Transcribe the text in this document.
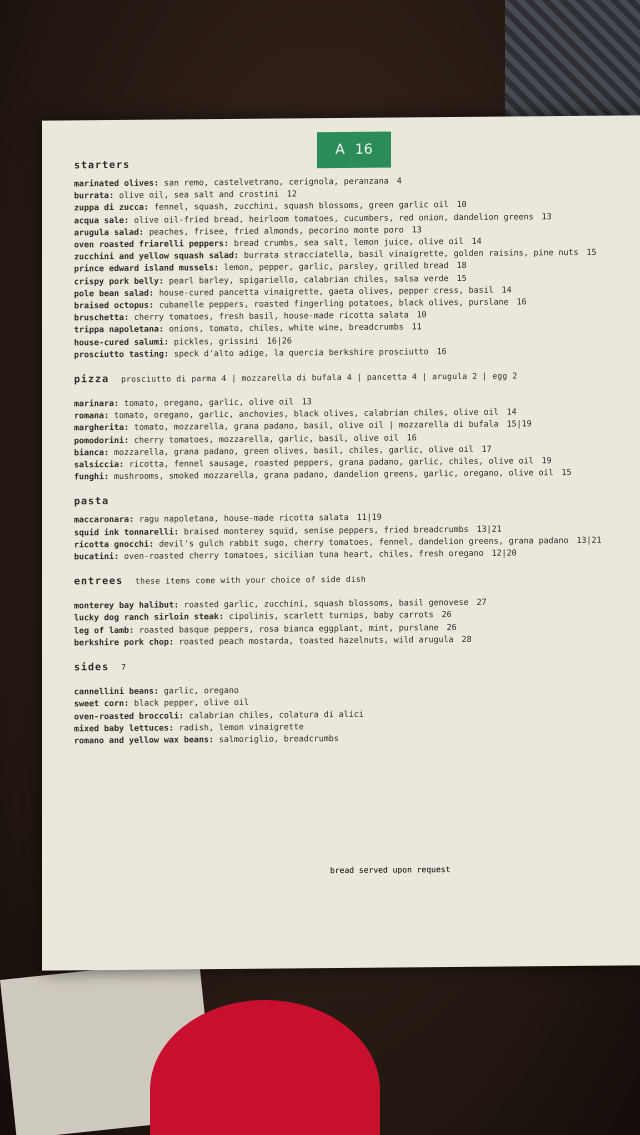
A 16
starters
marinated olives: san remo, castelvetrano, cerignola, peranzana 4
burrata: olive oil, sea salt and crostini 12
zuppa di zucca: fennel, squash, zucchini, squash blossoms, green garlic oil 10
acqua sale: olive oil-fried bread, heirloom tomatoes, cucumbers, red onion, dandelion greens 13
arugula salad: peaches, frisee, fried almonds, pecorino monte poro 13
oven roasted friarelli peppers: bread crumbs, sea salt, lemon juice, olive oil 14
zucchini and yellow squash salad: burrata stracciatella, basil vinaigrette, golden raisins, pine nuts 15
prince edward island mussels: lemon, pepper, garlic, parsley, grilled bread 18
crispy pork belly: pearl barley, spigariello, calabrian chiles, salsa verde 15
pole bean salad: house-cured pancetta vinaigrette, gaeta olives, pepper cress, basil 14
braised octopus: cubanelle peppers, roasted fingerling potatoes, black olives, purslane 16
bruschetta: cherry tomatoes, fresh basil, house-made ricotta salata 10
trippa napoletana: onions, tomato, chiles, white wine, breadcrumbs 11
house-cured salumi: pickles, grissini 16|26
prosciutto tasting: speck d'alto adige, la quercia berkshire prosciutto 16
pizza prosciutto di parma 4 | mozzarella di bufala 4 | pancetta 4 | arugula 2 | egg 2
marinara: tomato, oregano, garlic, olive oil 13
romana: tomato, oregano, garlic, anchovies, black olives, calabrian chiles, olive oil 14
margherita: tomato, mozzarella, grana padano, basil, olive oil | mozzarella di bufala 15|19
pomodorini: cherry tomatoes, mozzarella, garlic, basil, olive oil 16
bianca: mozzarella, grana padano, green olives, basil, chiles, garlic, olive oil 17
salsiccia: ricotta, fennel sausage, roasted peppers, grana padano, garlic, chiles, olive oil 19
funghi: mushrooms, smoked mozzarella, grana padano, dandelion greens, garlic, oregano, olive oil 15
pasta
maccaronara: ragu napoletana, house-made ricotta salata 11|19
squid ink tonnarelli: braised monterey squid, senise peppers, fried breadcrumbs 13|21
ricotta gnocchi: devil's gulch rabbit sugo, cherry tomatoes, fennel, dandelion greens, grana padano 13|21
bucatini: oven-roasted cherry tomatoes, sicilian tuna heart, chiles, fresh oregano 12|20
entrees these items come with your choice of side dish
monterey bay halibut: roasted garlic, zucchini, squash blossoms, basil genovese 27
lucky dog ranch sirloin steak: cipolinis, scarlett turnips, baby carrots 26
leg of lamb: roasted basque peppers, rosa bianca eggplant, mint, purslane 26
berkshire pork chop: roasted peach mostarda, toasted hazelnuts, wild arugula 28
sides 7
cannellini beans: garlic, oregano
sweet corn: black pepper, olive oil
oven-roasted broccoli: calabrian chiles, colatura di alici
mixed baby lettuces: radish, lemon vinaigrette
romano and yellow wax beans: salmoriglio, breadcrumbs
bread served upon request
